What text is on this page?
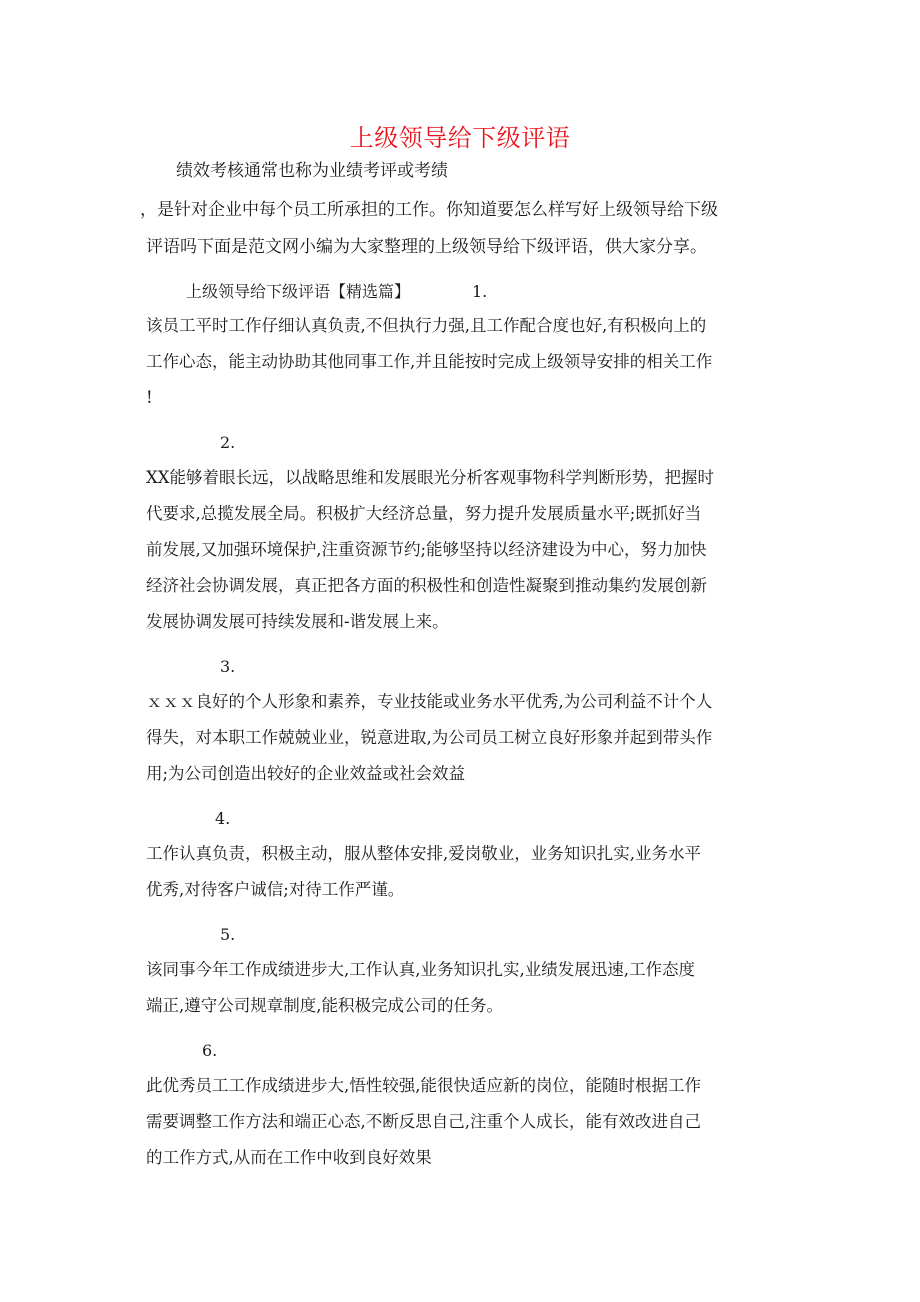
上级领导给下级评语
绩效考核通常也称为业绩考评或考绩
，是针对企业中每个员工所承担的工作。你知道要怎么样写好上级领导给下级
评语吗下面是范文网小编为大家整理的上级领导给下级评语，供大家分享。
上级领导给下级评语【精选篇】	1.
该员工平时工作仔细认真负责,不但执行力强,且工作配合度也好,有积极向上的
工作心态，能主动协助其他同事工作,并且能按时完成上级领导安排的相关工作
!
2.
XX能够着眼长远，以战略思维和发展眼光分析客观事物科学判断形势，把握时
代要求,总揽发展全局。积极扩大经济总量，努力提升发展质量水平;既抓好当
前发展,又加强环境保护,注重资源节约;能够坚持以经济建设为中心，努力加快
经济社会协调发展，真正把各方面的积极性和创造性凝聚到推动集约发展创新
发展协调发展可持续发展和-谐发展上来。
3.
ｘｘｘ良好的个人形象和素养，专业技能或业务水平优秀,为公司利益不计个人
得失，对本职工作兢兢业业，锐意进取,为公司员工树立良好形象并起到带头作
用;为公司创造出较好的企业效益或社会效益
4.
工作认真负责，积极主动，服从整体安排,爱岗敬业，业务知识扎实,业务水平
优秀,对待客户诚信;对待工作严谨。
5.
该同事今年工作成绩进步大,工作认真,业务知识扎实,业绩发展迅速,工作态度
端正,遵守公司规章制度,能积极完成公司的任务。
6.
此优秀员工工作成绩进步大,悟性较强,能很快适应新的岗位，能随时根据工作
需要调整工作方法和端正心态,不断反思自己,注重个人成长，能有效改进自己
的工作方式,从而在工作中收到良好效果
